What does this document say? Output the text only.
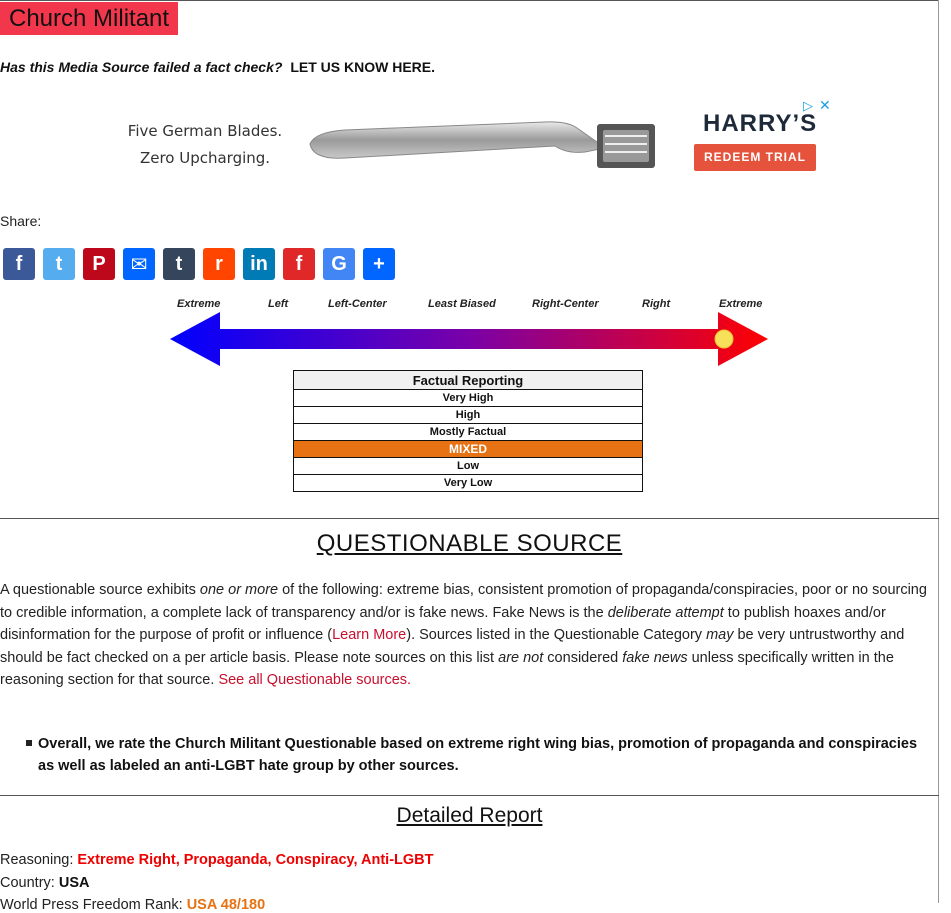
Church Militant
Has this Media Source failed a fact check? LET US KNOW HERE.
Five German Blades.
Zero Upcharging.
▷ ✕
HARRY’S
REDEEM TRIAL
Share:
f t P ✉ t r in f G +
Extreme	Left	Left-Center	Least Biased	Right-Center	Right	Extreme
Factual Reporting
Very High
High
Mostly Factual
MIXED
Low
Very Low
QUESTIONABLE SOURCE
A questionable source exhibits one or more of the following: extreme bias, consistent promotion of propaganda/conspiracies, poor or no sourcing to credible information, a complete lack of transparency and/or is fake news. Fake News is the deliberate attempt to publish hoaxes and/or disinformation for the purpose of profit or influence (Learn More). Sources listed in the Questionable Category may be very untrustworthy and should be fact checked on a per article basis. Please note sources on this list are not considered fake news unless specifically written in the reasoning section for that source. See all Questionable sources.
Overall, we rate the Church Militant Questionable based on extreme right wing bias, promotion of propaganda and conspiracies as well as labeled an anti-LGBT hate group by other sources.
Detailed Report
Reasoning: Extreme Right, Propaganda, Conspiracy, Anti-LGBT
Country: USA
World Press Freedom Rank: USA 48/180
